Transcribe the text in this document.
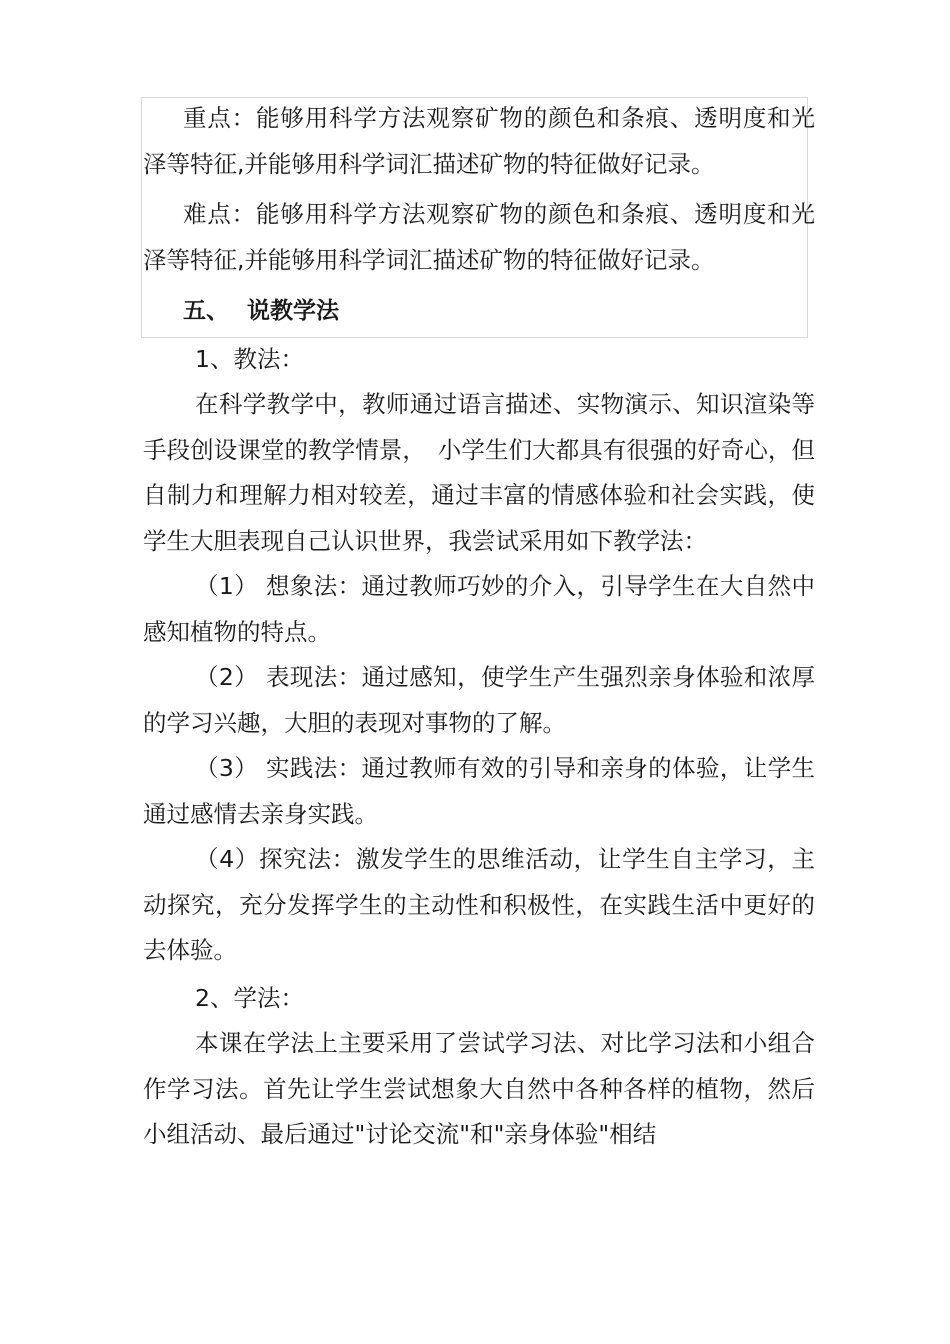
重点：能够用科学方法观察矿物的颜色和条痕、透明度和光泽等特征,并能够用科学词汇描述矿物的特征做好记录。

难点：能够用科学方法观察矿物的颜色和条痕、透明度和光泽等特征,并能够用科学词汇描述矿物的特征做好记录。

五、 说教学法

1、教法：

在科学教学中，教师通过语言描述、实物演示、知识渲染等手段创设课堂的教学情景，　小学生们大都具有很强的好奇心，但自制力和理解力相对较差，通过丰富的情感体验和社会实践，使学生大胆表现自己认识世界，我尝试采用如下教学法：

（1） 想象法：通过教师巧妙的介入，引导学生在大自然中感知植物的特点。

（2） 表现法：通过感知，使学生产生强烈亲身体验和浓厚的学习兴趣，大胆的表现对事物的了解。

（3） 实践法：通过教师有效的引导和亲身的体验，让学生通过感情去亲身实践。

（4）探究法：激发学生的思维活动，让学生自主学习，主动探究，充分发挥学生的主动性和积极性，在实践生活中更好的去体验。

2、学法：

本课在学法上主要采用了尝试学习法、对比学习法和小组合作学习法。首先让学生尝试想象大自然中各种各样的植物，然后小组活动、最后通过"讨论交流"和"亲身体验"相结
